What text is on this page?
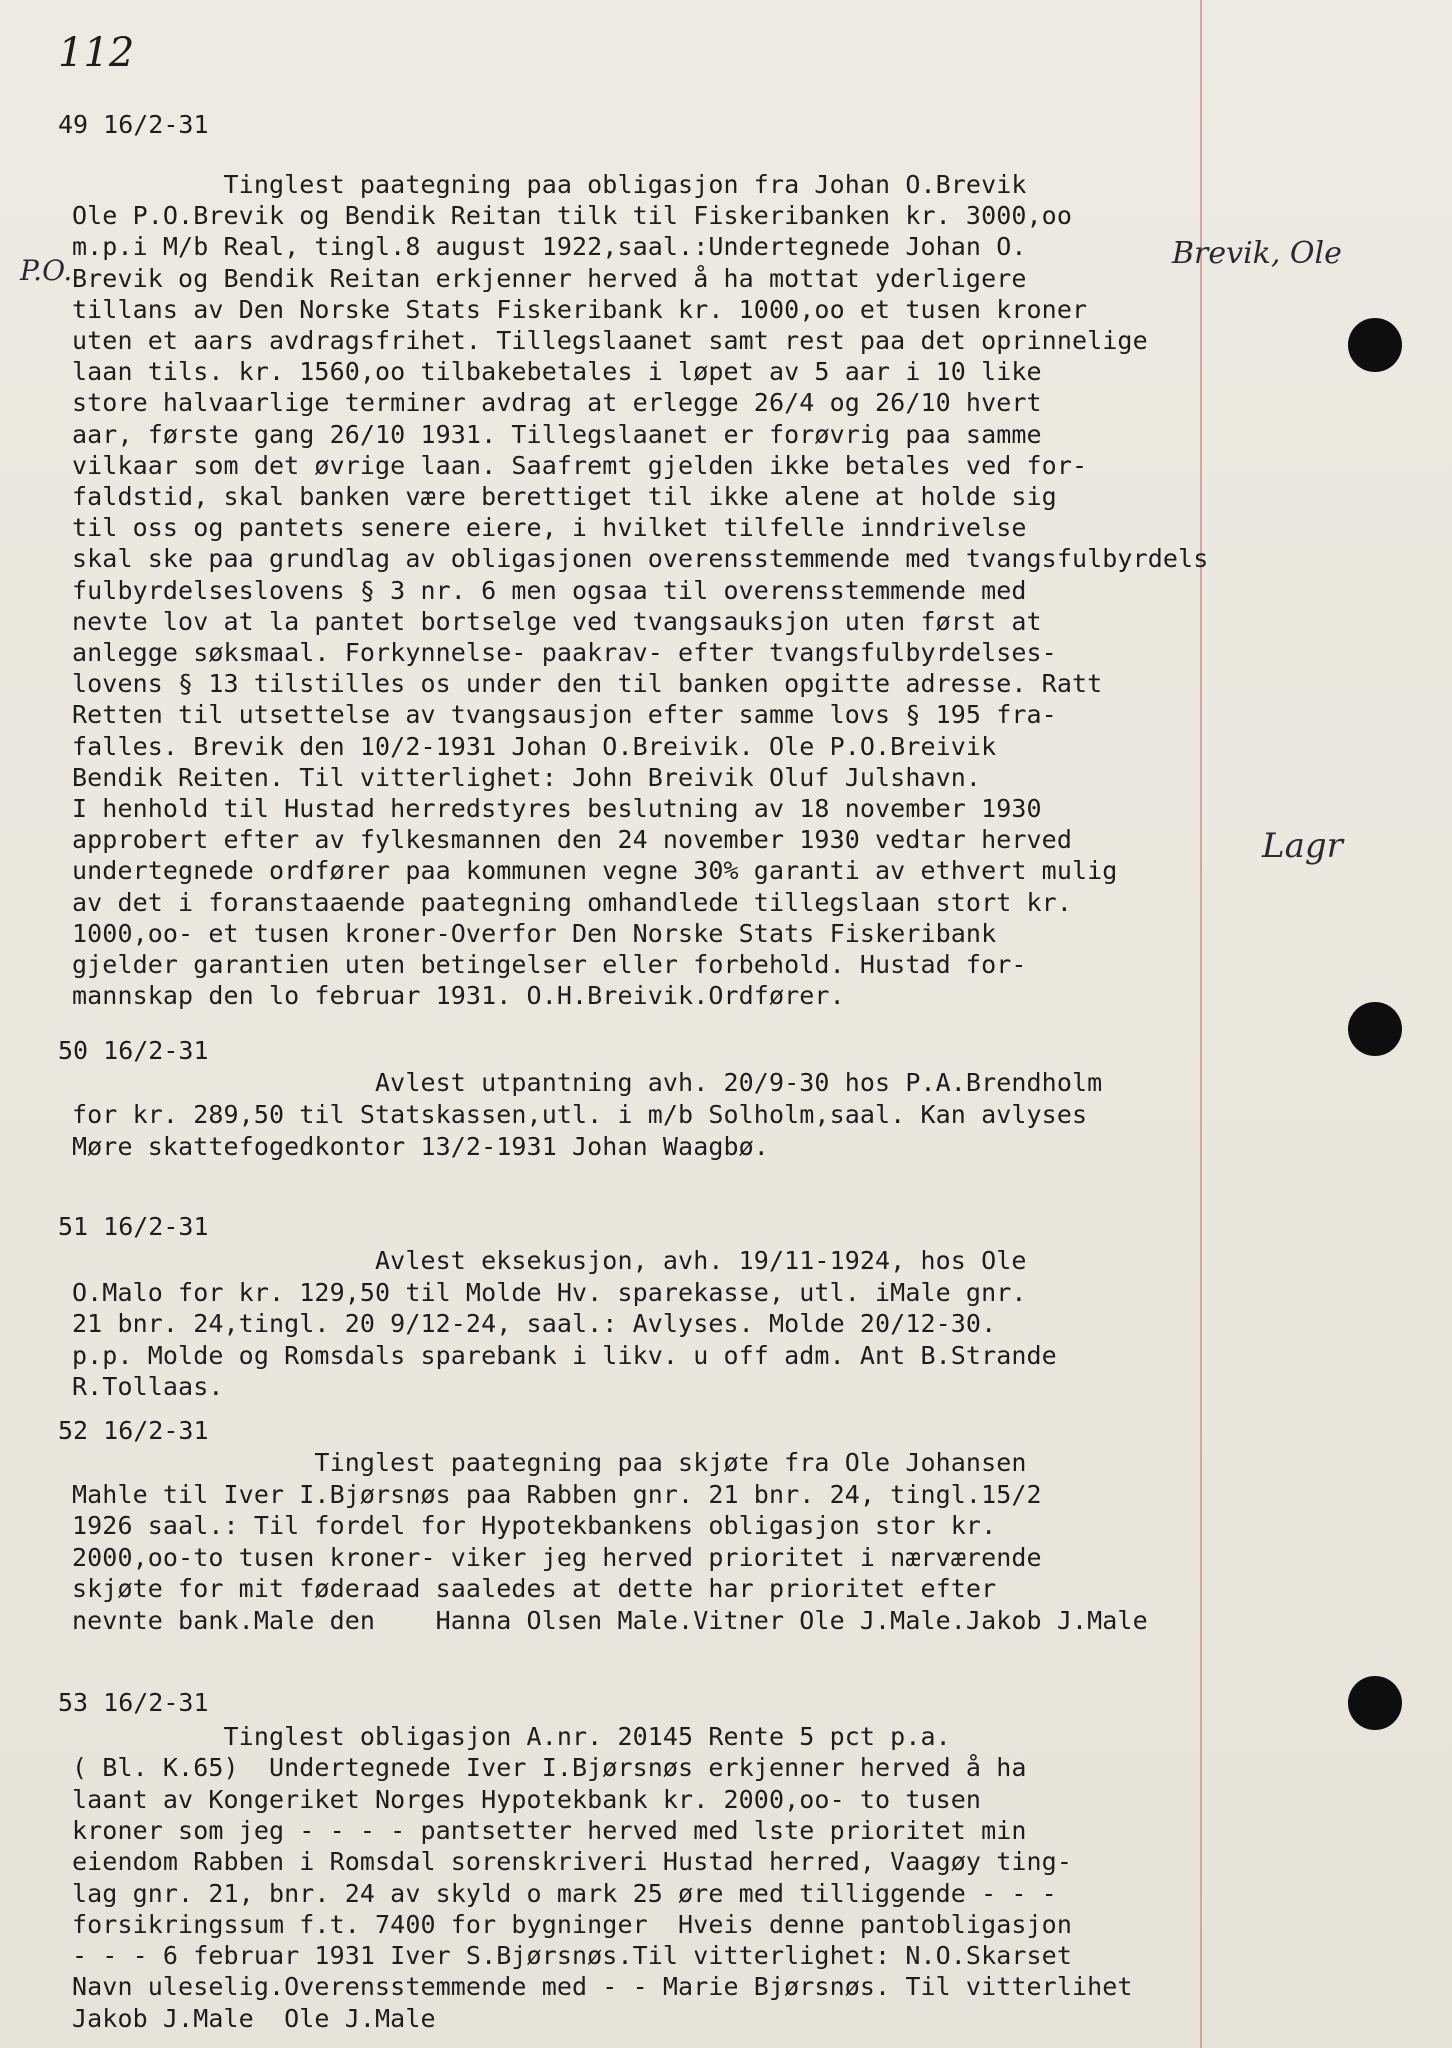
112
P.O.	Brevik, Ole
Lagr
49 16/2-31
Tinglest paategning paa obligasjon fra Johan O.Brevik
Ole P.O.Brevik og Bendik Reitan tilk til Fiskeribanken kr. 3000,oo
m.p.i M/b Real, tingl.8 august 1922,saal.:Undertegnede Johan O.
Brevik og Bendik Reitan erkjenner herved å ha mottat yderligere
tillans av Den Norske Stats Fiskeribank kr. 1000,oo et tusen kroner
uten et aars avdragsfrihet. Tillegslaanet samt rest paa det oprinnelige
laan tils. kr. 1560,oo tilbakebetales i løpet av 5 aar i 10 like
store halvaarlige terminer avdrag at erlegge 26/4 og 26/10 hvert
aar, første gang 26/10 1931. Tillegslaanet er forøvrig paa samme
vilkaar som det øvrige laan. Saafremt gjelden ikke betales ved for-
faldstid, skal banken være berettiget til ikke alene at holde sig
til oss og pantets senere eiere, i hvilket tilfelle inndrivelse
skal ske paa grundlag av obligasjonen overensstemmende med tvangsfulbyrdels
fulbyrdelseslovens § 3 nr. 6 men ogsaa til overensstemmende med
nevte lov at la pantet bortselge ved tvangsauksjon uten først at
anlegge søksmaal. Forkynnelse- paakrav- efter tvangsfulbyrdelses-
lovens § 13 tilstilles os under den til banken opgitte adresse. Ratt
Retten til utsettelse av tvangsausjon efter samme lovs § 195 fra-
falles. Brevik den 10/2-1931 Johan O.Breivik. Ole P.O.Breivik
Bendik Reiten. Til vitterlighet: John Breivik Oluf Julshavn.
I henhold til Hustad herredstyres beslutning av 18 november 1930
approbert efter av fylkesmannen den 24 november 1930 vedtar herved
undertegnede ordfører paa kommunen vegne 30% garanti av ethvert mulig
av det i foranstaaende paategning omhandlede tillegslaan stort kr.
1000,oo- et tusen kroner-Overfor Den Norske Stats Fiskeribank
gjelder garantien uten betingelser eller forbehold. Hustad for-
mannskap den lo februar 1931. O.H.Breivik.Ordfører.
50 16/2-31
Avlest utpantning avh. 20/9-30 hos P.A.Brendholm
for kr. 289,50 til Statskassen,utl. i m/b Solholm,saal. Kan avlyses
Møre skattefogedkontor 13/2-1931 Johan Waagbø.
51 16/2-31
Avlest eksekusjon, avh. 19/11-1924, hos Ole
O.Malo for kr. 129,50 til Molde Hv. sparekasse, utl. iMale gnr.
21 bnr. 24,tingl. 20 9/12-24, saal.: Avlyses. Molde 20/12-30.
p.p. Molde og Romsdals sparebank i likv. u off adm. Ant B.Strande
R.Tollaas.
52 16/2-31
Tinglest paategning paa skjøte fra Ole Johansen
Mahle til Iver I.Bjørsnøs paa Rabben gnr. 21 bnr. 24, tingl.15/2
1926 saal.: Til fordel for Hypotekbankens obligasjon stor kr.
2000,oo-to tusen kroner- viker jeg herved prioritet i nærværende
skjøte for mit føderaad saaledes at dette har prioritet efter
nevnte bank.Male den    Hanna Olsen Male.Vitner Ole J.Male.Jakob J.Male
53 16/2-31
Tinglest obligasjon A.nr. 20145 Rente 5 pct p.a.
( Bl. K.65)  Undertegnede Iver I.Bjørsnøs erkjenner herved å ha
laant av Kongeriket Norges Hypotekbank kr. 2000,oo- to tusen
kroner som jeg - - - - pantsetter herved med lste prioritet min
eiendom Rabben i Romsdal sorenskriveri Hustad herred, Vaagøy ting-
lag gnr. 21, bnr. 24 av skyld o mark 25 øre med tilliggende - - -
forsikringssum f.t. 7400 for bygninger  Hveis denne pantobligasjon
- - - 6 februar 1931 Iver S.Bjørsnøs.Til vitterlighet: N.O.Skarset
Navn uleselig.Overensstemmende med - - Marie Bjørsnøs. Til vitterlihet
Jakob J.Male  Ole J.Male
